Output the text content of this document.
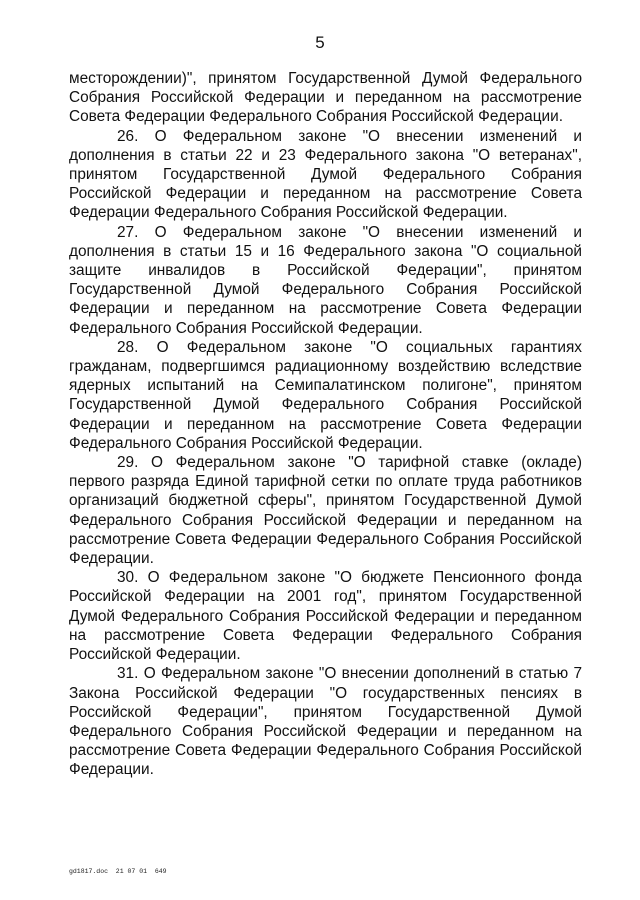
5

месторождении)", принятом Государственной Думой Федерального Собрания Российской Федерации и переданном на рассмотрение Совета Федерации Федерального Собрания Российской Федерации.

26. О Федеральном законе "О внесении изменений и дополнения в статьи 22 и 23 Федерального закона "О ветеранах", принятом Государственной Думой Федерального Собрания Российской Федерации и переданном на рассмотрение Совета Федерации Федерального Собрания Российской Федерации.

27. О Федеральном законе "О внесении изменений и дополнения в статьи 15 и 16 Федерального закона "О социальной защите инвалидов в Российской Федерации", принятом Государственной Думой Федерального Собрания Российской Федерации и переданном на рассмотрение Совета Федерации Федерального Собрания Российской Федерации.

28. О Федеральном законе "О социальных гарантиях гражданам, подвергшимся радиационному воздействию вследствие ядерных испытаний на Семипалатинском полигоне", принятом Государственной Думой Федерального Собрания Российской Федерации и переданном на рассмотрение Совета Федерации Федерального Собрания Российской Федерации.

29. О Федеральном законе "О тарифной ставке (окладе) первого разряда Единой тарифной сетки по оплате труда работников организаций бюджетной сферы", принятом Государственной Думой Федерального Собрания Российской Федерации и переданном на рассмотрение Совета Федерации Федерального Собрания Российской Федерации.

30. О Федеральном законе "О бюджете Пенсионного фонда Российской Федерации на 2001 год", принятом Государственной Думой Федерального Собрания Российской Федерации и переданном на рассмотрение Совета Федерации Федерального Собрания Российской Федерации.

31. О Федеральном законе "О внесении дополнений в статью 7 Закона Российской Федерации "О государственных пенсиях в Российской Федерации", принятом Государственной Думой Федерального Собрания Российской Федерации и переданном на рассмотрение Совета Федерации Федерального Собрания Российской Федерации.

gd1817.doc  21 07 01  649
